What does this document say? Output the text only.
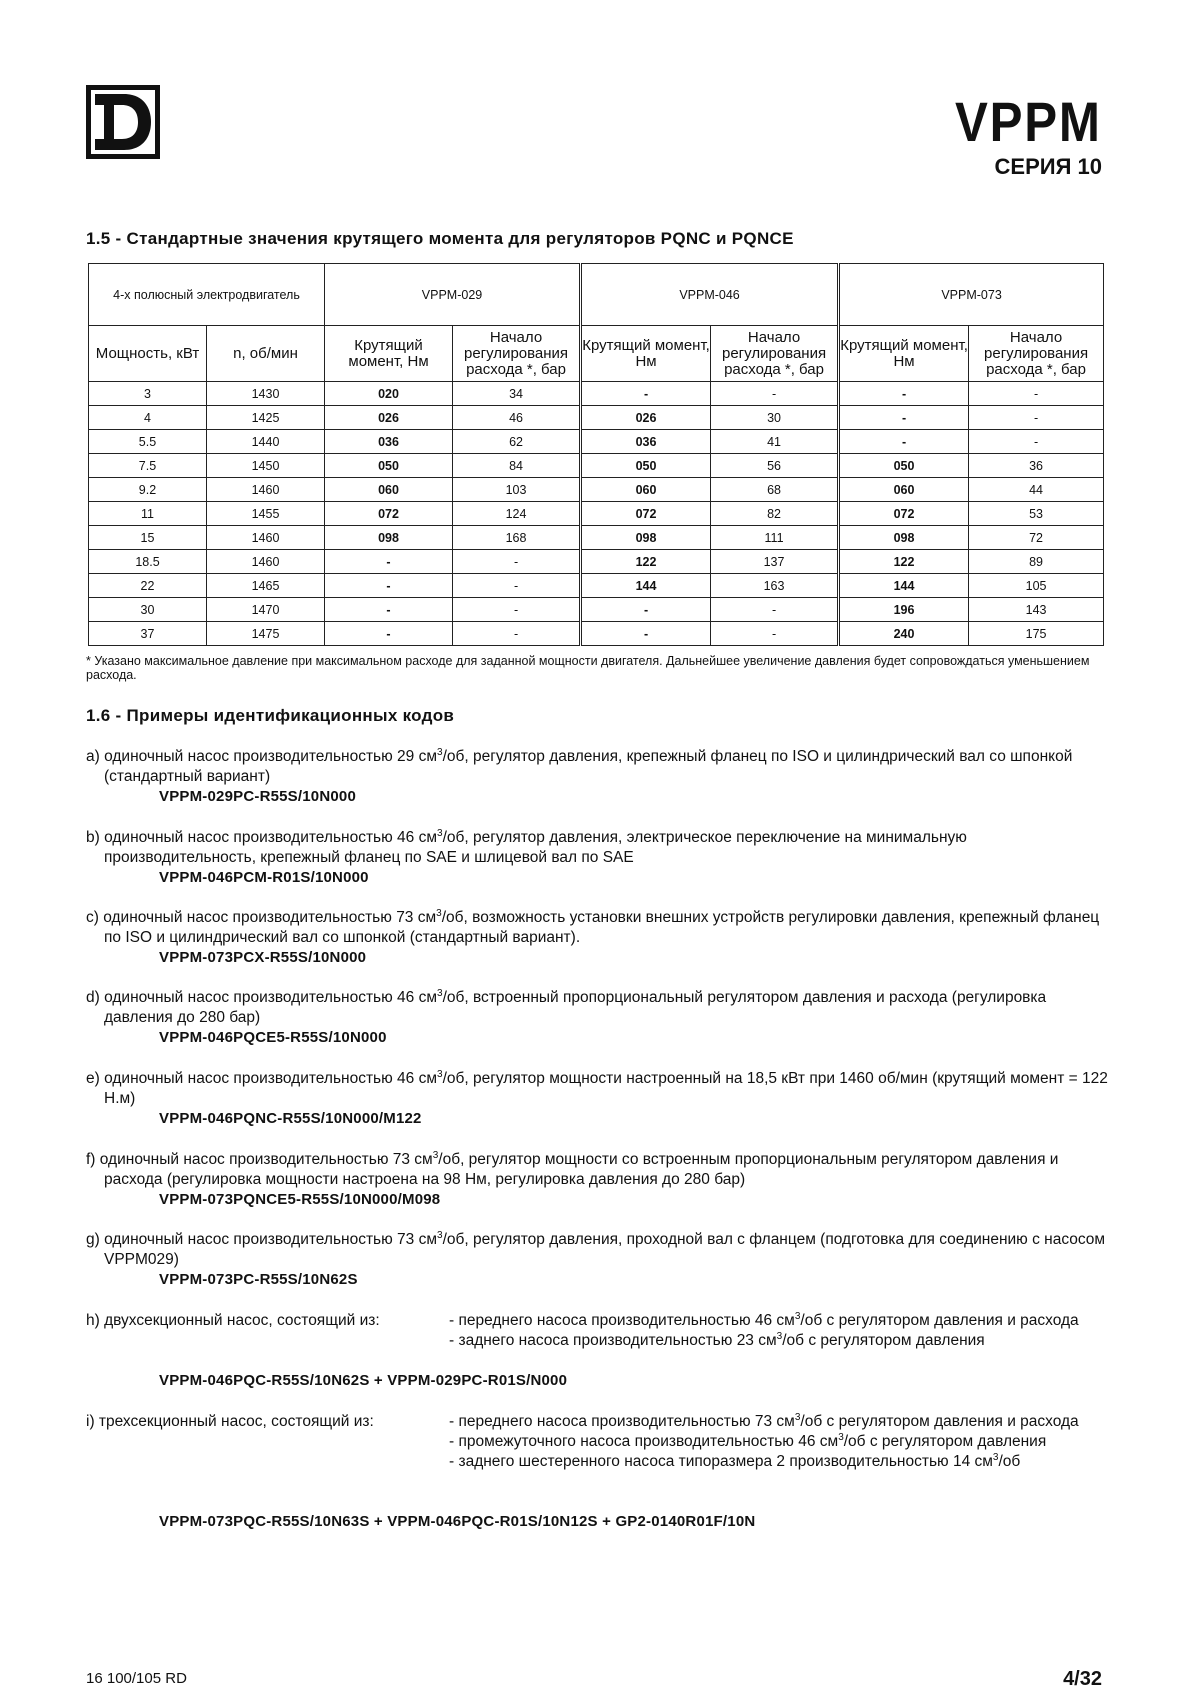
VPPM
СЕРИЯ 10
1.5 - Стандартные значения крутящего момента для регуляторов PQNC и PQNCE
4-х полюсный электродвигатель		VPPM-029		VPPM-046		VPPM-073	
Мощность, кВт	n, об/мин	Крутящий момент, Нм	Начало регулирования расхода *, бар	Крутящий момент, Нм	Начало регулирования расхода *, бар	Крутящий момент, Нм	Начало регулирования расхода *, бар
3	1430	020	34	-	-	-	-
4	1425	026	46	026	30	-	-
5.5	1440	036	62	036	41	-	-
7.5	1450	050	84	050	56	050	36
9.2	1460	060	103	060	68	060	44
11	1455	072	124	072	82	072	53
15	1460	098	168	098	111	098	72
18.5	1460	-	-	122	137	122	89
22	1465	-	-	144	163	144	105
30	1470	-	-	-	-	196	143
37	1475	-	-	-	-	240	175
* Указано максимальное давление при максимальном расходе для заданной мощности двигателя. Дальнейшее увеличение давления будет сопровождаться уменьшением расхода.
1.6 - Примеры идентификационных кодов
a) одиночный насос производительностью 29 $см^3/об$, регулятор давления, крепежный фланец по ISO и цилиндрический вал со шпонкой (стандартный вариант)
VPPM-029PC-R55S/10N000
b) одиночный насос производительностью 46 $см^3/об$, регулятор давления, электрическое переключение на минимальную производительность, крепежный фланец по SAE и шлицевой вал по SAE
VPPM-046PCM-R01S/10N000
c) одиночный насос производительностью 73 $см^3/об$, возможность установки внешних устройств регулировки давления, крепежный фланец по ISO и цилиндрический вал со шпонкой (стандартный вариант).
VPPM-073PCX-R55S/10N000
d) одиночный насос производительностью 46 $см^3/об$, встроенный пропорциональный регулятором давления и расхода (регулировка давления до 280 бар)
VPPM-046PQCE5-R55S/10N000
e) одиночный насос производительностью 46 $см^3/об$, регулятор мощности настроенный на 18,5 кВт при 1460 об/мин (крутящий момент = 122 Н.м)
VPPM-046PQNC-R55S/10N000/M122
f) одиночный насос производительностью 73 $см^3/об$, регулятор мощности со встроенным пропорциональным регулятором давления и расхода (регулировка мощности настроена на 98 Нм, регулировка давления до 280 бар)
VPPM-073PQNCE5-R55S/10N000/M098
g) одиночный насос производительностью 73 $см^3/об$, регулятор давления, проходной вал с фланцем (подготовка для соединению с насосом VPPM029)
VPPM-073PC-R55S/10N62S
h) двухсекционный насос, состоящий из:	- переднего насоса производительностью 46 $см^3/об$ с регулятором давления и расхода
- заднего насоса производительностью 23 $см^3/об$ с регулятором давления
VPPM-046PQC-R55S/10N62S + VPPM-029PC-R01S/N000
i) трехсекционный насос, состоящий из:	- переднего насоса производительностью 73 $см^3/об$ с регулятором давления и расхода
- промежуточного насоса производительностью 46 $см^3/об$ с регулятором давления
- заднего шестеренного насоса типоразмера 2 производительностью 14 $см^3/об$
VPPM-073PQC-R55S/10N63S + VPPM-046PQC-R01S/10N12S + GP2-0140R01F/10N
16 100/105 RD	4/32
